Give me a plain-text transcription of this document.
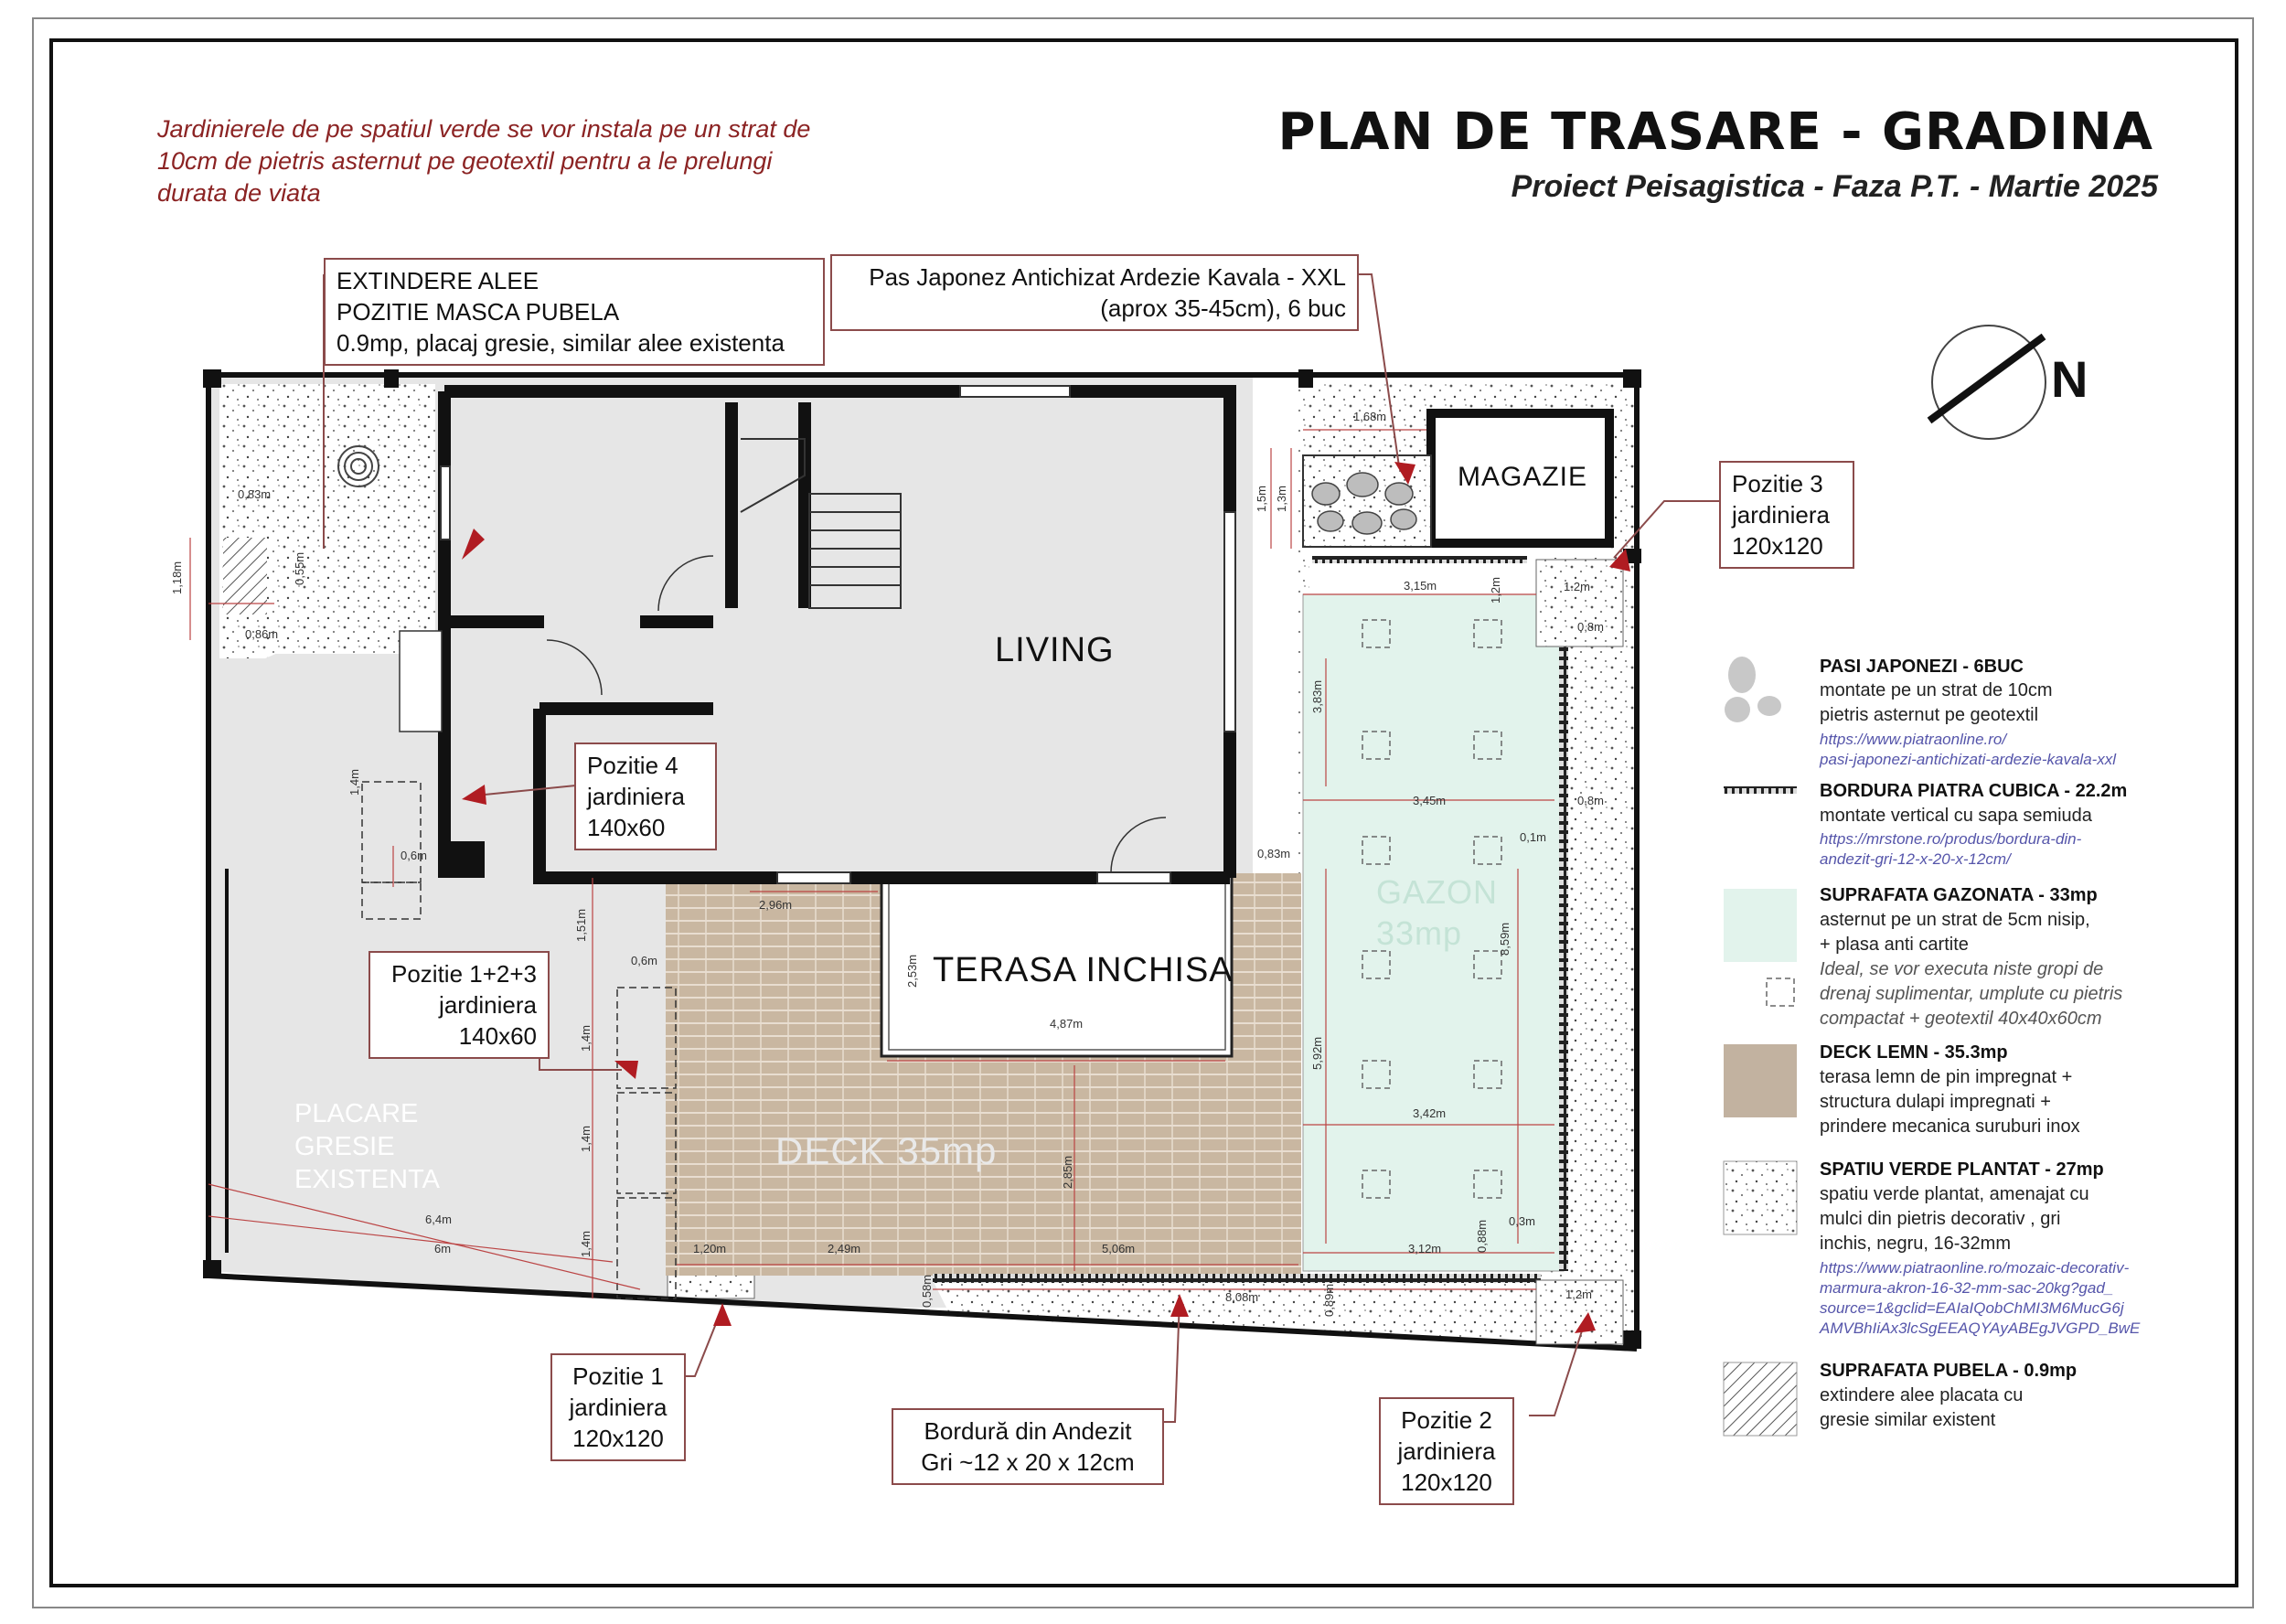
Jardinierele de pe spatiul verde se vor instala pe un strat de 10cm de pietris asternut pe geotextil pentru a le prelungi durata de viata
PLAN DE TRASARE - GRADINA
Proiect Peisagistica - Faza P.T. - Martie 2025
N
EXTINDERE ALEE
POZITIE MASCA PUBELA
0.9mp, placaj gresie, similar alee existenta
Pas Japonez Antichizat Ardezie Kavala - XXL
(aprox 35-45cm), 6 buc
Pozitie 3
jardiniera
120x120
Pozitie 4
jardiniera
140x60
Pozitie 1+2+3
jardiniera
140x60
Pozitie 1
jardiniera
120x120	Bordură din Andezit
Gri ~12 x 20 x 12cm
Pozitie 2
jardiniera
120x120
LIVING
TERASA INCHISA
MAGAZIE
DECK 35mp
GAZON
33mp
PLACARE
GRESIE
EXISTENTA
0,83m
1,18m	0,55m
0,86m
1,68m
1,5m 1,3m
3,15m	1,2m	1.2m
0,8m
3,83m
3,45m	0,8m
0,1m
0,83m
1,4m
0,6m
2,96m
1,51m
0,6m	2,53m
4,87m
8,59m
5,92m
3,42m
1,4m
1,4m
6,4m
6m	1,4m	1,20m	2,49m	5,06m
2,85m
3,12m	0,88m 0,3m
0,58m	8,08m	0,89m	1,2m
PASI JAPONEZI - 6BUC
montate pe un strat de 10cm
pietris asternut pe geotextil
https://www.piatraonline.ro/
pasi-japonezi-antichizati-ardezie-kavala-xxl
BORDURA PIATRA CUBICA - 22.2m
montate vertical cu sapa semiuda
https://mrstone.ro/produs/bordura-din-
andezit-gri-12-x-20-x-12cm/
SUPRAFATA GAZONATA - 33mp
asternut pe un strat de 5cm nisip,
+ plasa anti cartite
Ideal, se vor executa niste gropi de
drenaj suplimentar, umplute cu pietris
compactat + geotextil 40x40x60cm
DECK LEMN - 35.3mp
terasa lemn de pin impregnat +
structura dulapi impregnati +
prindere mecanica suruburi inox
SPATIU VERDE PLANTAT - 27mp
spatiu verde plantat, amenajat cu
mulci din pietris decorativ , gri
inchis, negru, 16-32mm
https://www.piatraonline.ro/mozaic-decorativ-
marmura-akron-16-32-mm-sac-20kg?gad_
source=1&gclid=EAIaIQobChMI3M6MucG6j
AMVBhIiAx3lcSgEEAQYAyABEgJVGPD_BwE
SUPRAFATA PUBELA - 0.9mp
extindere alee placata cu
gresie similar existent
